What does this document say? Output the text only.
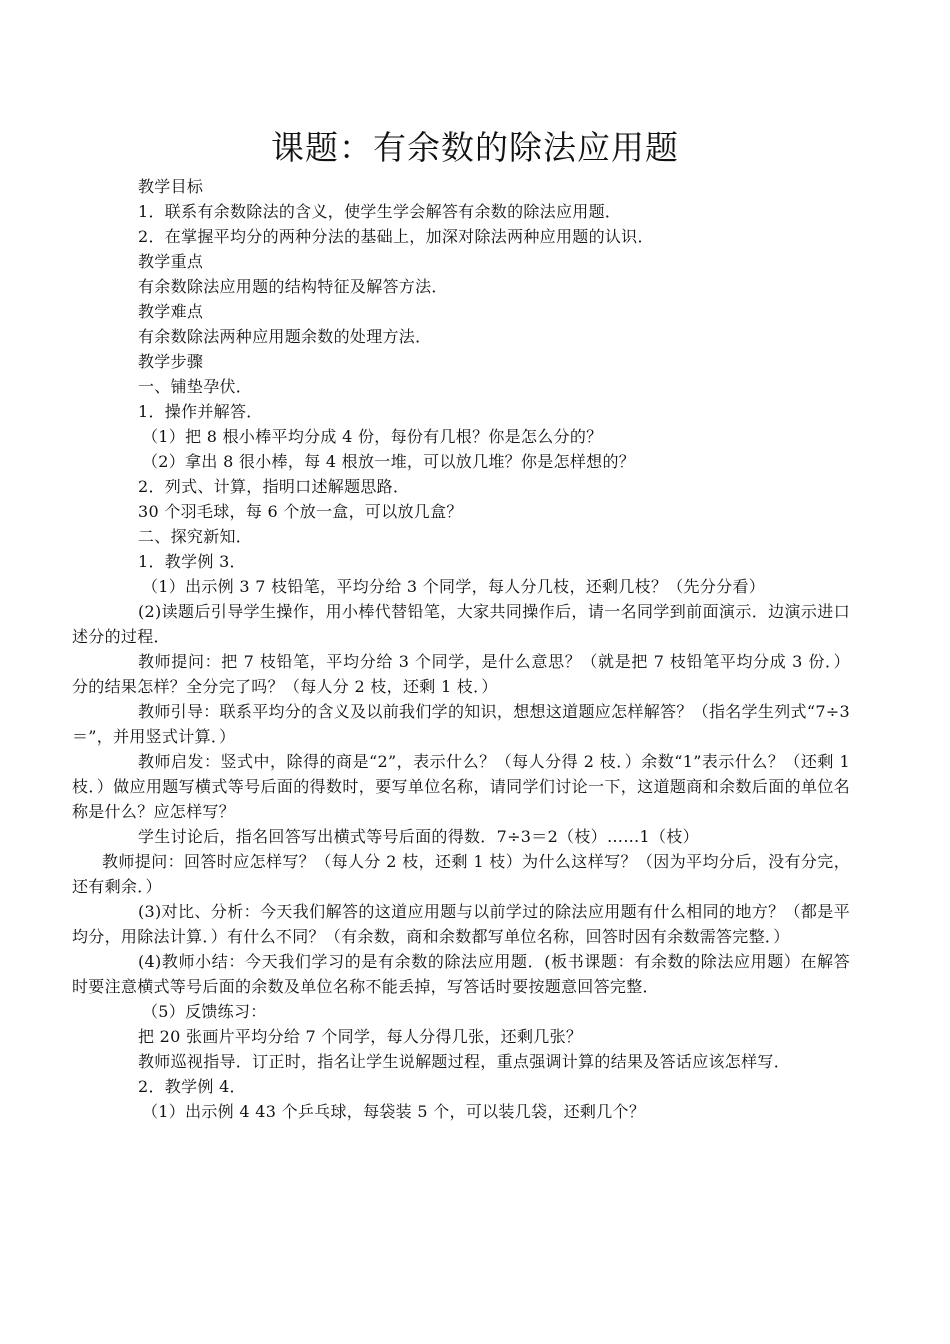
课题：有余数的除法应用题

教学目标

1．联系有余数除法的含义，使学生学会解答有余数的除法应用题．

2．在掌握平均分的两种分法的基础上，加深对除法两种应用题的认识．

教学重点

有余数除法应用题的结构特征及解答方法．

教学难点

有余数除法两种应用题余数的处理方法．

教学步骤

一、铺垫孕伏．

1．操作并解答．

（1）把 8 根小棒平均分成 4 份，每份有几根？你是怎么分的？

（2）拿出 8 很小棒，每 4 根放一堆，可以放几堆？你是怎样想的？

2．列式、计算，指明口述解题思路．

30 个羽毛球，每 6 个放一盒，可以放几盒？

二、探究新知．

1．教学例 3．

（1）出示例 3 7 枝铅笔，平均分给 3 个同学，每人分几枝，还剩几枝？（先分分看）

(2)读题后引导学生操作，用小棒代替铅笔，大家共同操作后，请一名同学到前面演示．边演示进口述分的过程．

教师提问：把 7 枝铅笔，平均分给 3 个同学，是什么意思？（就是把 7 枝铅笔平均分成 3 份．）分的结果怎样？全分完了吗？（每人分 2 枝，还剩 1 枝．）

教师引导：联系平均分的含义及以前我们学的知识，想想这道题应怎样解答？（指名学生列式“7÷3＝”，并用竖式计算．）

教师启发：竖式中，除得的商是“2”，表示什么？（每人分得 2 枝．）余数“1”表示什么？（还剩 1 枝．）做应用题写横式等号后面的得数时，要写单位名称，请同学们讨论一下，这道题商和余数后面的单位名称是什么？应怎样写？

学生讨论后，指名回答写出横式等号后面的得数．7÷3＝2（枝）……1（枝）

教师提问：回答时应怎样写？（每人分 2 枝，还剩 1 枝）为什么这样写？（因为平均分后，没有分完，还有剩余．）

(3)对比、分析：今天我们解答的这道应用题与以前学过的除法应用题有什么相同的地方？（都是平均分，用除法计算．）有什么不同？（有余数，商和余数都写单位名称，回答时因有余数需答完整．）

(4)教师小结：今天我们学习的是有余数的除法应用题．(板书课题：有余数的除法应用题）在解答时要注意横式等号后面的余数及单位名称不能丢掉，写答话时要按题意回答完整．

（5）反馈练习：

把 20 张画片平均分给 7 个同学，每人分得几张，还剩几张？

教师巡视指导．订正时，指名让学生说解题过程，重点强调计算的结果及答话应该怎样写．

2．教学例 4．

（1）出示例 4 43 个乒乓球，每袋装 5 个，可以装几袋，还剩几个？
